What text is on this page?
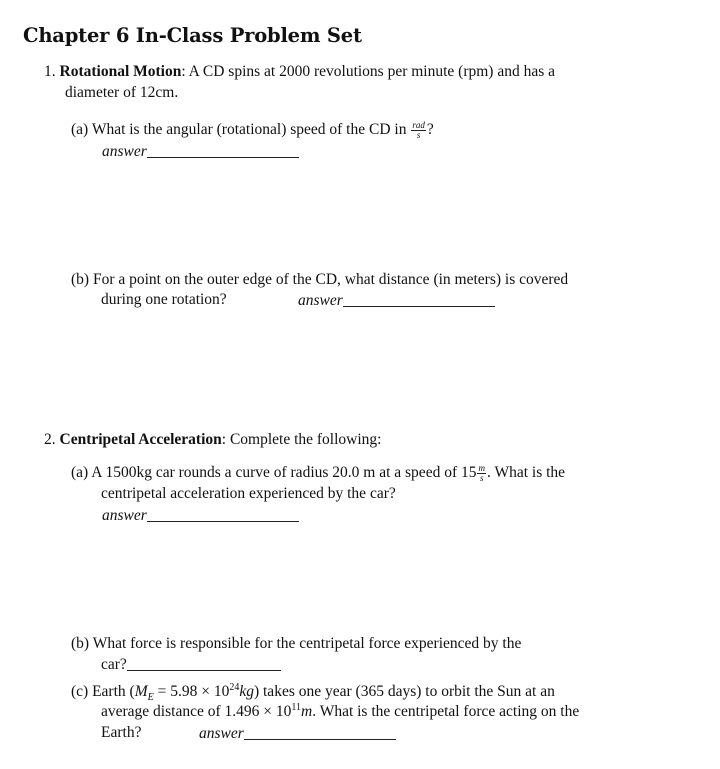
Chapter 6 In-Class Problem Set
1. Rotational Motion: A CD spins at 2000 revolutions per minute (rpm) and has a
diameter of 12cm.
(a) What is the angular (rotational) speed of the CD in $\frac{\text{rad}}{s}$ ?
answer
(b) For a point on the outer edge of the CD, what distance (in meters) is covered
during one rotation?	answer
2. Centripetal Acceleration: Complete the following:
(a) A 1500kg car rounds a curve of radius 20.0 m at a speed of $15 \frac{m}{s}$ . What is the
centripetal acceleration experienced by the car?
answer
(b) What force is responsible for the centripetal force experienced by the
car?
(c) Earth $(M_E = 5.98 \times 10^{24}kg)$ takes one year (365 days) to orbit the Sun at an
average distance of $1.496 \times 10^{11}m$. What is the centripetal force acting on the
Earth?	answer
